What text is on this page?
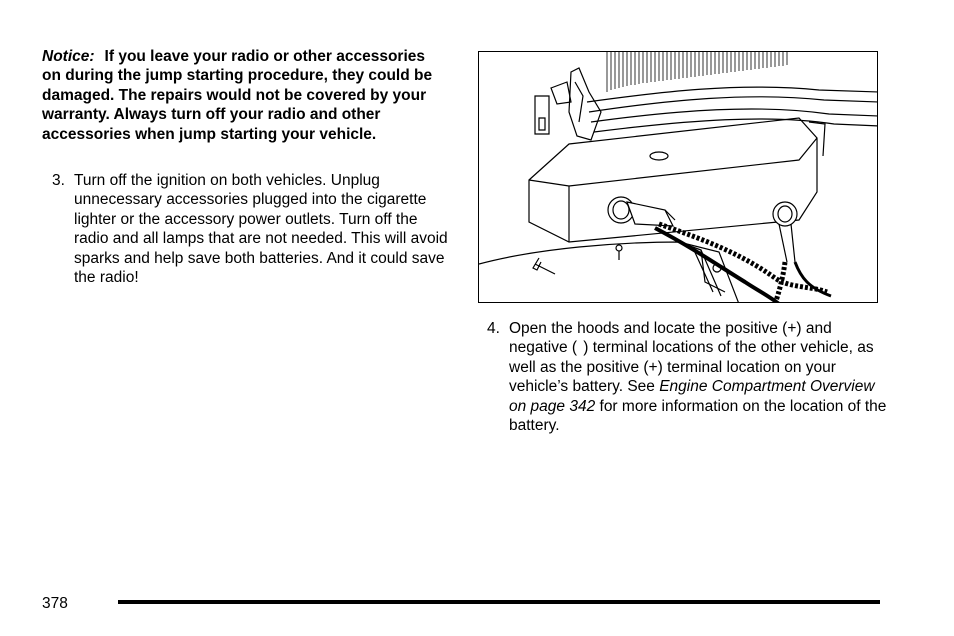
Notice: If you leave your radio or other accessories on during the jump starting procedure, they could be damaged. The repairs would not be covered by your warranty. Always turn off your radio and other accessories when jump starting your vehicle.

3. Turn off the ignition on both vehicles. Unplug unnecessary accessories plugged into the cigarette lighter or the accessory power outlets. Turn off the radio and all lamps that are not needed. This will avoid sparks and help save both batteries. And it could save the radio!

4. Open the hoods and locate the positive (+) and negative (  ) terminal locations of the other vehicle, as well as the positive (+) terminal location on your vehicle’s battery. See Engine Compartment Overview on page 342 for more information on the location of the battery.

378
